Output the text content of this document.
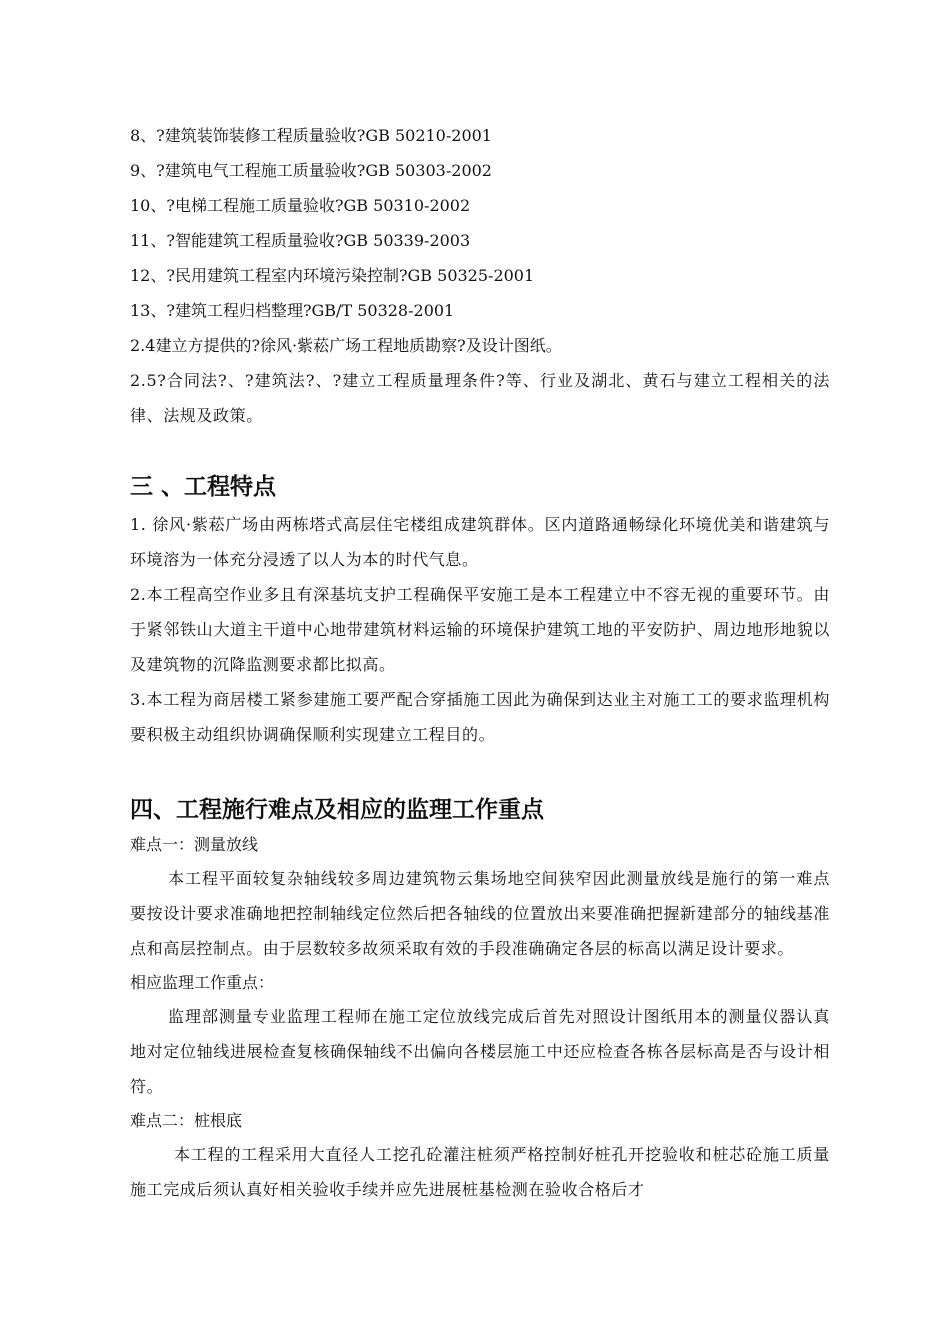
8、?建筑装饰装修工程质量验收?GB 50210-2001

9、?建筑电气工程施工质量验收?GB 50303-2002

10、?电梯工程施工质量验收?GB 50310-2002

11、?智能建筑工程质量验收?GB 50339-2003

12、?民用建筑工程室内环境污染控制?GB 50325-2001

13、?建筑工程归档整理?GB/T 50328-2001

2.4建立方提供的?徐风·紫菘广场工程地质勘察?及设计图纸。

2.5?合同法?、?建筑法?、?建立工程质量理条件?等、行业及湖北、黄石与建立工程相关的法律、法规及政策。

三 、工程特点

1. 徐风·紫菘广场由两栋塔式高层住宅楼组成建筑群体。区内道路通畅绿化环境优美和谐建筑与环境溶为一体充分浸透了以人为本的时代气息。

2.本工程高空作业多且有深基坑支护工程确保平安施工是本工程建立中不容无视的重要环节。由于紧邻铁山大道主干道中心地带建筑材料运输的环境保护建筑工地的平安防护、周边地形地貌以及建筑物的沉降监测要求都比拟高。

3.本工程为商居楼工紧参建施工要严配合穿插施工因此为确保到达业主对施工工的要求监理机构要积极主动组织协调确保顺利实现建立工程目的。

四、工程施行难点及相应的监理工作重点

难点一：测量放线

本工程平面较复杂轴线较多周边建筑物云集场地空间狭窄因此测量放线是施行的第一难点要按设计要求准确地把控制轴线定位然后把各轴线的位置放出来要准确把握新建部分的轴线基准点和高层控制点。由于层数较多故须采取有效的手段准确确定各层的标高以满足设计要求。

相应监理工作重点：

监理部测量专业监理工程师在施工定位放线完成后首先对照设计图纸用本的测量仪器认真地对定位轴线进展检查复核确保轴线不出偏向各楼层施工中还应检查各栋各层标高是否与设计相符。

难点二：桩根底

本工程的工程采用大直径人工挖孔砼灌注桩须严格控制好桩孔开挖验收和桩芯砼施工质量施工完成后须认真好相关验收手续并应先进展桩基检测在验收合格后才
